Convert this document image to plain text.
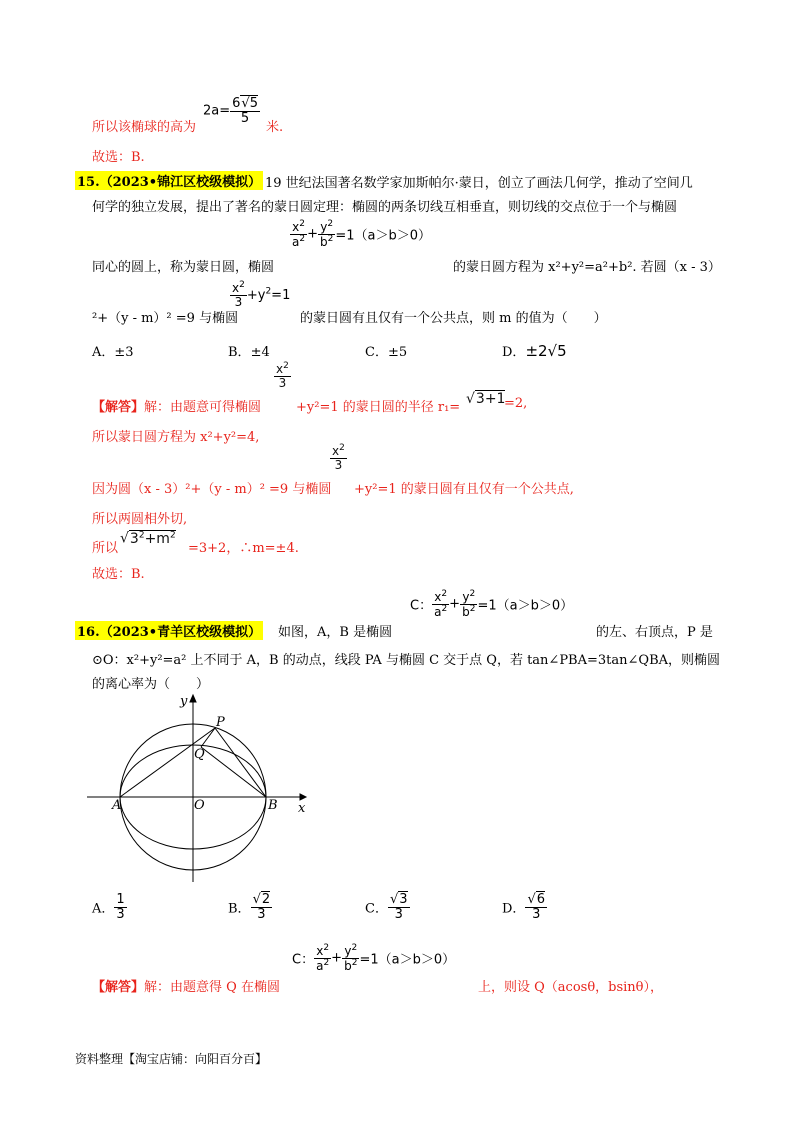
所以该椭球的高为
$2a= \frac{6√5}{5}$
米.
故选：B.
15.（2023•锦江区校级模拟） 19 世纪法国著名数学家加斯帕尔·蒙日，创立了画法几何学，推动了空间几
何学的独立发展，提出了著名的蒙日圆定理：椭圆的两条切线互相垂直，则切线的交点位于一个与椭圆
同心的圆上，称为蒙日圆，椭圆
$\frac{x^2}{a^2} + \frac{y^2}{b^2} =1(a>b>0)$
的蒙日圆方程为 x²+y²=a²+b². 若圆（x - 3）
²+（y - m）² =9 与椭圆
$\frac{x^2}{3} +y^2=1$
的蒙日圆有且仅有一个公共点，则 m 的值为（　　）
A．±3	B．±4	C．±5	D．±2√5
【解答】解：由题意可得椭圆
$\frac{x^2}{3}$
+y²=1 的蒙日圆的半径 r₁=
√3+1
=2,
所以蒙日圆方程为 x²+y²=4,
因为圆（x - 3）²+（y - m）² =9 与椭圆
$\frac{x^2}{3}$
+y²=1 的蒙日圆有且仅有一个公共点,
所以两圆相外切,
所以
$√3^2+m^2$
=3+2，∴m=±4.
故选：B.
16.（2023•青羊区校级模拟） 如图，A，B 是椭圆
C： $\frac{x^2}{a^2} + \frac{y^2}{b^2} =1(a>b>0)$
的左、右顶点，P 是
⊙O：x²+y²=a² 上不同于 A，B 的动点，线段 PA 与椭圆 C 交于点 Q，若 tan∠PBA=3tan∠QBA，则椭圆
的离心率为（　　）
y
x
P
Q
A	O	B
A． $\frac{1}{3}$	B． $\frac{√2}{3}$	C． $\frac{√3}{3}$	D． $\frac{√6}{3}$
【解答】解：由题意得 Q 在椭圆
C： $\frac{x^2}{a^2} + \frac{y^2}{b^2} =1(a>b>0)$
上，则设 Q（acosθ，bsinθ），
资料整理【淘宝店铺：向阳百分百】
